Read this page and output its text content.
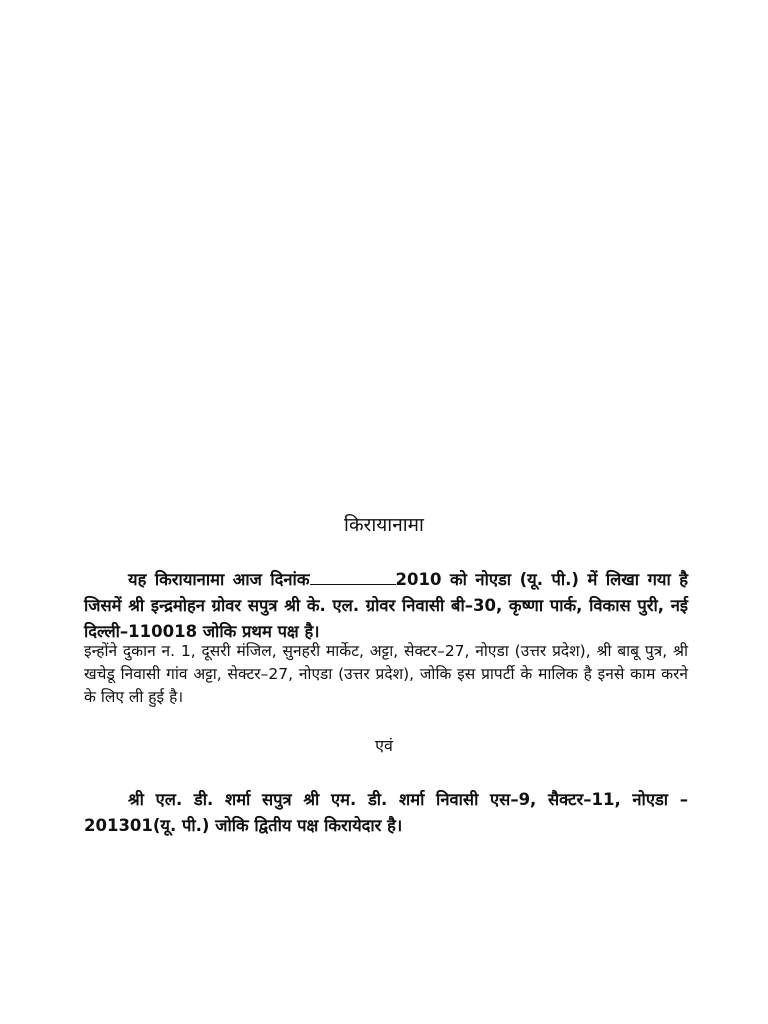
किरायानामा
यह किरायानामा आज दिनांक	2010 को नोएडा (यू. पी.) में लिखा गया है जिसमें श्री इन्द्रमोहन ग्रोवर सपुत्र श्री के. एल. ग्रोवर निवासी बी–30, कृष्णा पार्क, विकास पुरी, नई दिल्ली–110018 जोकि प्रथम पक्ष है।
इन्होंने दुकान न. 1, दूसरी मंजिल, सुनहरी मार्केट, अट्टा, सेक्टर–27, नोएडा (उत्तर प्रदेश), श्री बाबू पुत्र, श्री खचेडू निवासी गांव अट्टा, सेक्टर–27, नोएडा (उत्तर प्रदेश), जोकि इस प्रापर्टी के मालिक है इनसे काम करने के लिए ली हुई है।
एवं
श्री एल. डी. शर्मा सपुत्र श्री एम. डी. शर्मा निवासी एस–9, सैक्टर–11, नोएडा – 201301(यू. पी.) जोकि द्वितीय पक्ष किरायेदार है।
